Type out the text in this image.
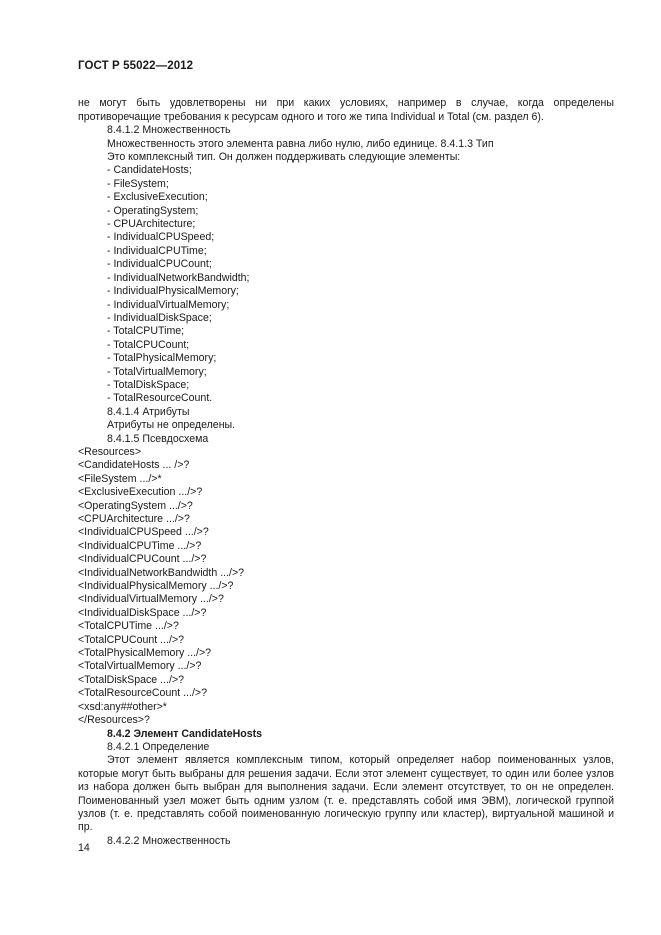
ГОСТ Р 55022—2012

не могут быть удовлетворены ни при каких условиях, например в случае, когда определены противоречащие требования к ресурсам одного и того же типа Individual и Total (см. раздел 6).

8.4.1.2 Множественность

Множественность этого элемента равна либо нулю, либо единице. 8.4.1.3 Тип

Это комплексный тип. Он должен поддерживать следующие элементы:

- CandidateHosts;

- FileSystem;

- ExclusiveExecution;

- OperatingSystem;

- CPUArchitecture;

- IndividualCPUSpeed;

- IndividualCPUTime;

- IndividualCPUCount;

- IndividualNetworkBandwidth;

- IndividualPhysicalMemory;

- IndividualVirtualMemory;

- IndividualDiskSpace;

- TotalCPUTime;

- TotalCPUCount;

- TotalPhysicalMemory;

- TotalVirtualMemory;

- TotalDiskSpace;

- TotalResourceCount.

8.4.1.4 Атрибуты

Атрибуты не определены.

8.4.1.5 Псевдосхема

<Resources>

<CandidateHosts ... />?

<FileSystem .../>*

<ExclusiveExecution .../>?

<OperatingSystem .../>?

<CPUArchitecture .../>?

<IndividualCPUSpeed .../>?

<IndividualCPUTime .../>?

<IndividualCPUCount .../>?

<IndividualNetworkBandwidth .../>?

<IndividualPhysicalMemory .../>?

<IndividualVirtualMemory .../>?

<IndividualDiskSpace .../>?

<TotalCPUTime .../>?

<TotalCPUCount .../>?

<TotalPhysicalMemory .../>?

<TotalVirtualMemory .../>?

<TotalDiskSpace .../>?

<TotalResourceCount .../>?

<xsd:any##other>*

</Resources>?

8.4.2 Элемент CandidateHosts

8.4.2.1 Определение

Этот элемент является комплексным типом, который определяет набор поименованных узлов, которые могут быть выбраны для решения задачи. Если этот элемент существует, то один или более узлов из набора должен быть выбран для выполнения задачи. Если элемент отсутствует, то он не определен. Поименованный узел может быть одним узлом (т. е. представлять собой имя ЭВМ), логической группой узлов (т. е. представлять собой поименованную логическую группу или кластер), виртуальной машиной и пр.

8.4.2.2 Множественность

14
